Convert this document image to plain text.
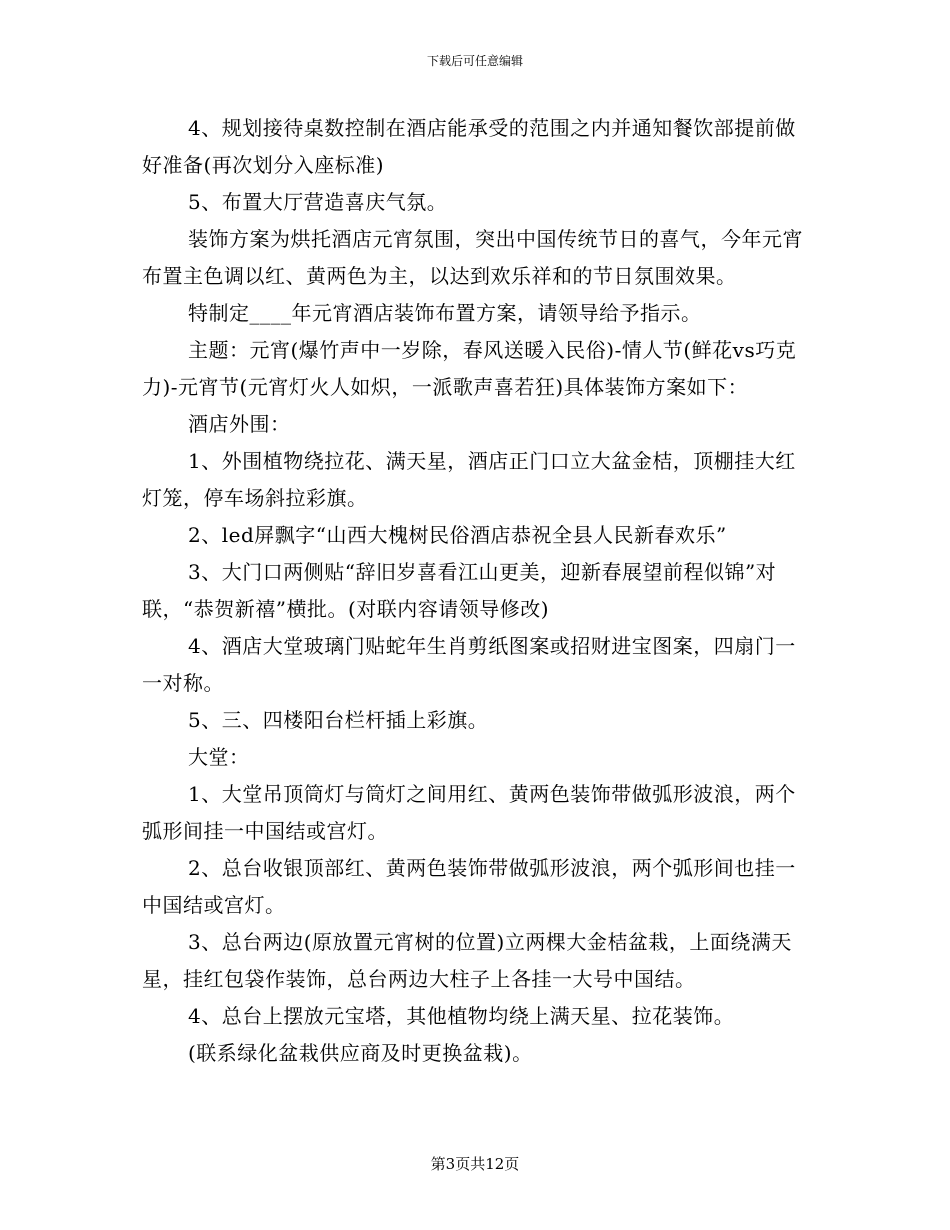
下载后可任意编辑

4、规划接待桌数控制在酒店能承受的范围之内并通知餐饮部提前做好准备(再次划分入座标准)

5、布置大厅营造喜庆气氛。

装饰方案为烘托酒店元宵氛围，突出中国传统节日的喜气，今年元宵布置主色调以红、黄两色为主，以达到欢乐祥和的节日氛围效果。

特制定____年元宵酒店装饰布置方案，请领导给予指示。

主题：元宵(爆竹声中一岁除，春风送暖入民俗)-情人节(鲜花vs巧克力)-元宵节(元宵灯火人如炽，一派歌声喜若狂)具体装饰方案如下：

酒店外围：

1、外围植物绕拉花、满天星，酒店正门口立大盆金桔，顶棚挂大红灯笼，停车场斜拉彩旗。

2、led屏飘字“山西大槐树民俗酒店恭祝全县人民新春欢乐”

3、大门口两侧贴“辞旧岁喜看江山更美，迎新春展望前程似锦”对联，“恭贺新禧”横批。(对联内容请领导修改)

4、酒店大堂玻璃门贴蛇年生肖剪纸图案或招财进宝图案，四扇门一一对称。

5、三、四楼阳台栏杆插上彩旗。

大堂：

1、大堂吊顶筒灯与筒灯之间用红、黄两色装饰带做弧形波浪，两个弧形间挂一中国结或宫灯。

2、总台收银顶部红、黄两色装饰带做弧形波浪，两个弧形间也挂一中国结或宫灯。

3、总台两边(原放置元宵树的位置)立两棵大金桔盆栽，上面绕满天星，挂红包袋作装饰，总台两边大柱子上各挂一大号中国结。

4、总台上摆放元宝塔，其他植物均绕上满天星、拉花装饰。

(联系绿化盆栽供应商及时更换盆栽)。

第3页共12页
